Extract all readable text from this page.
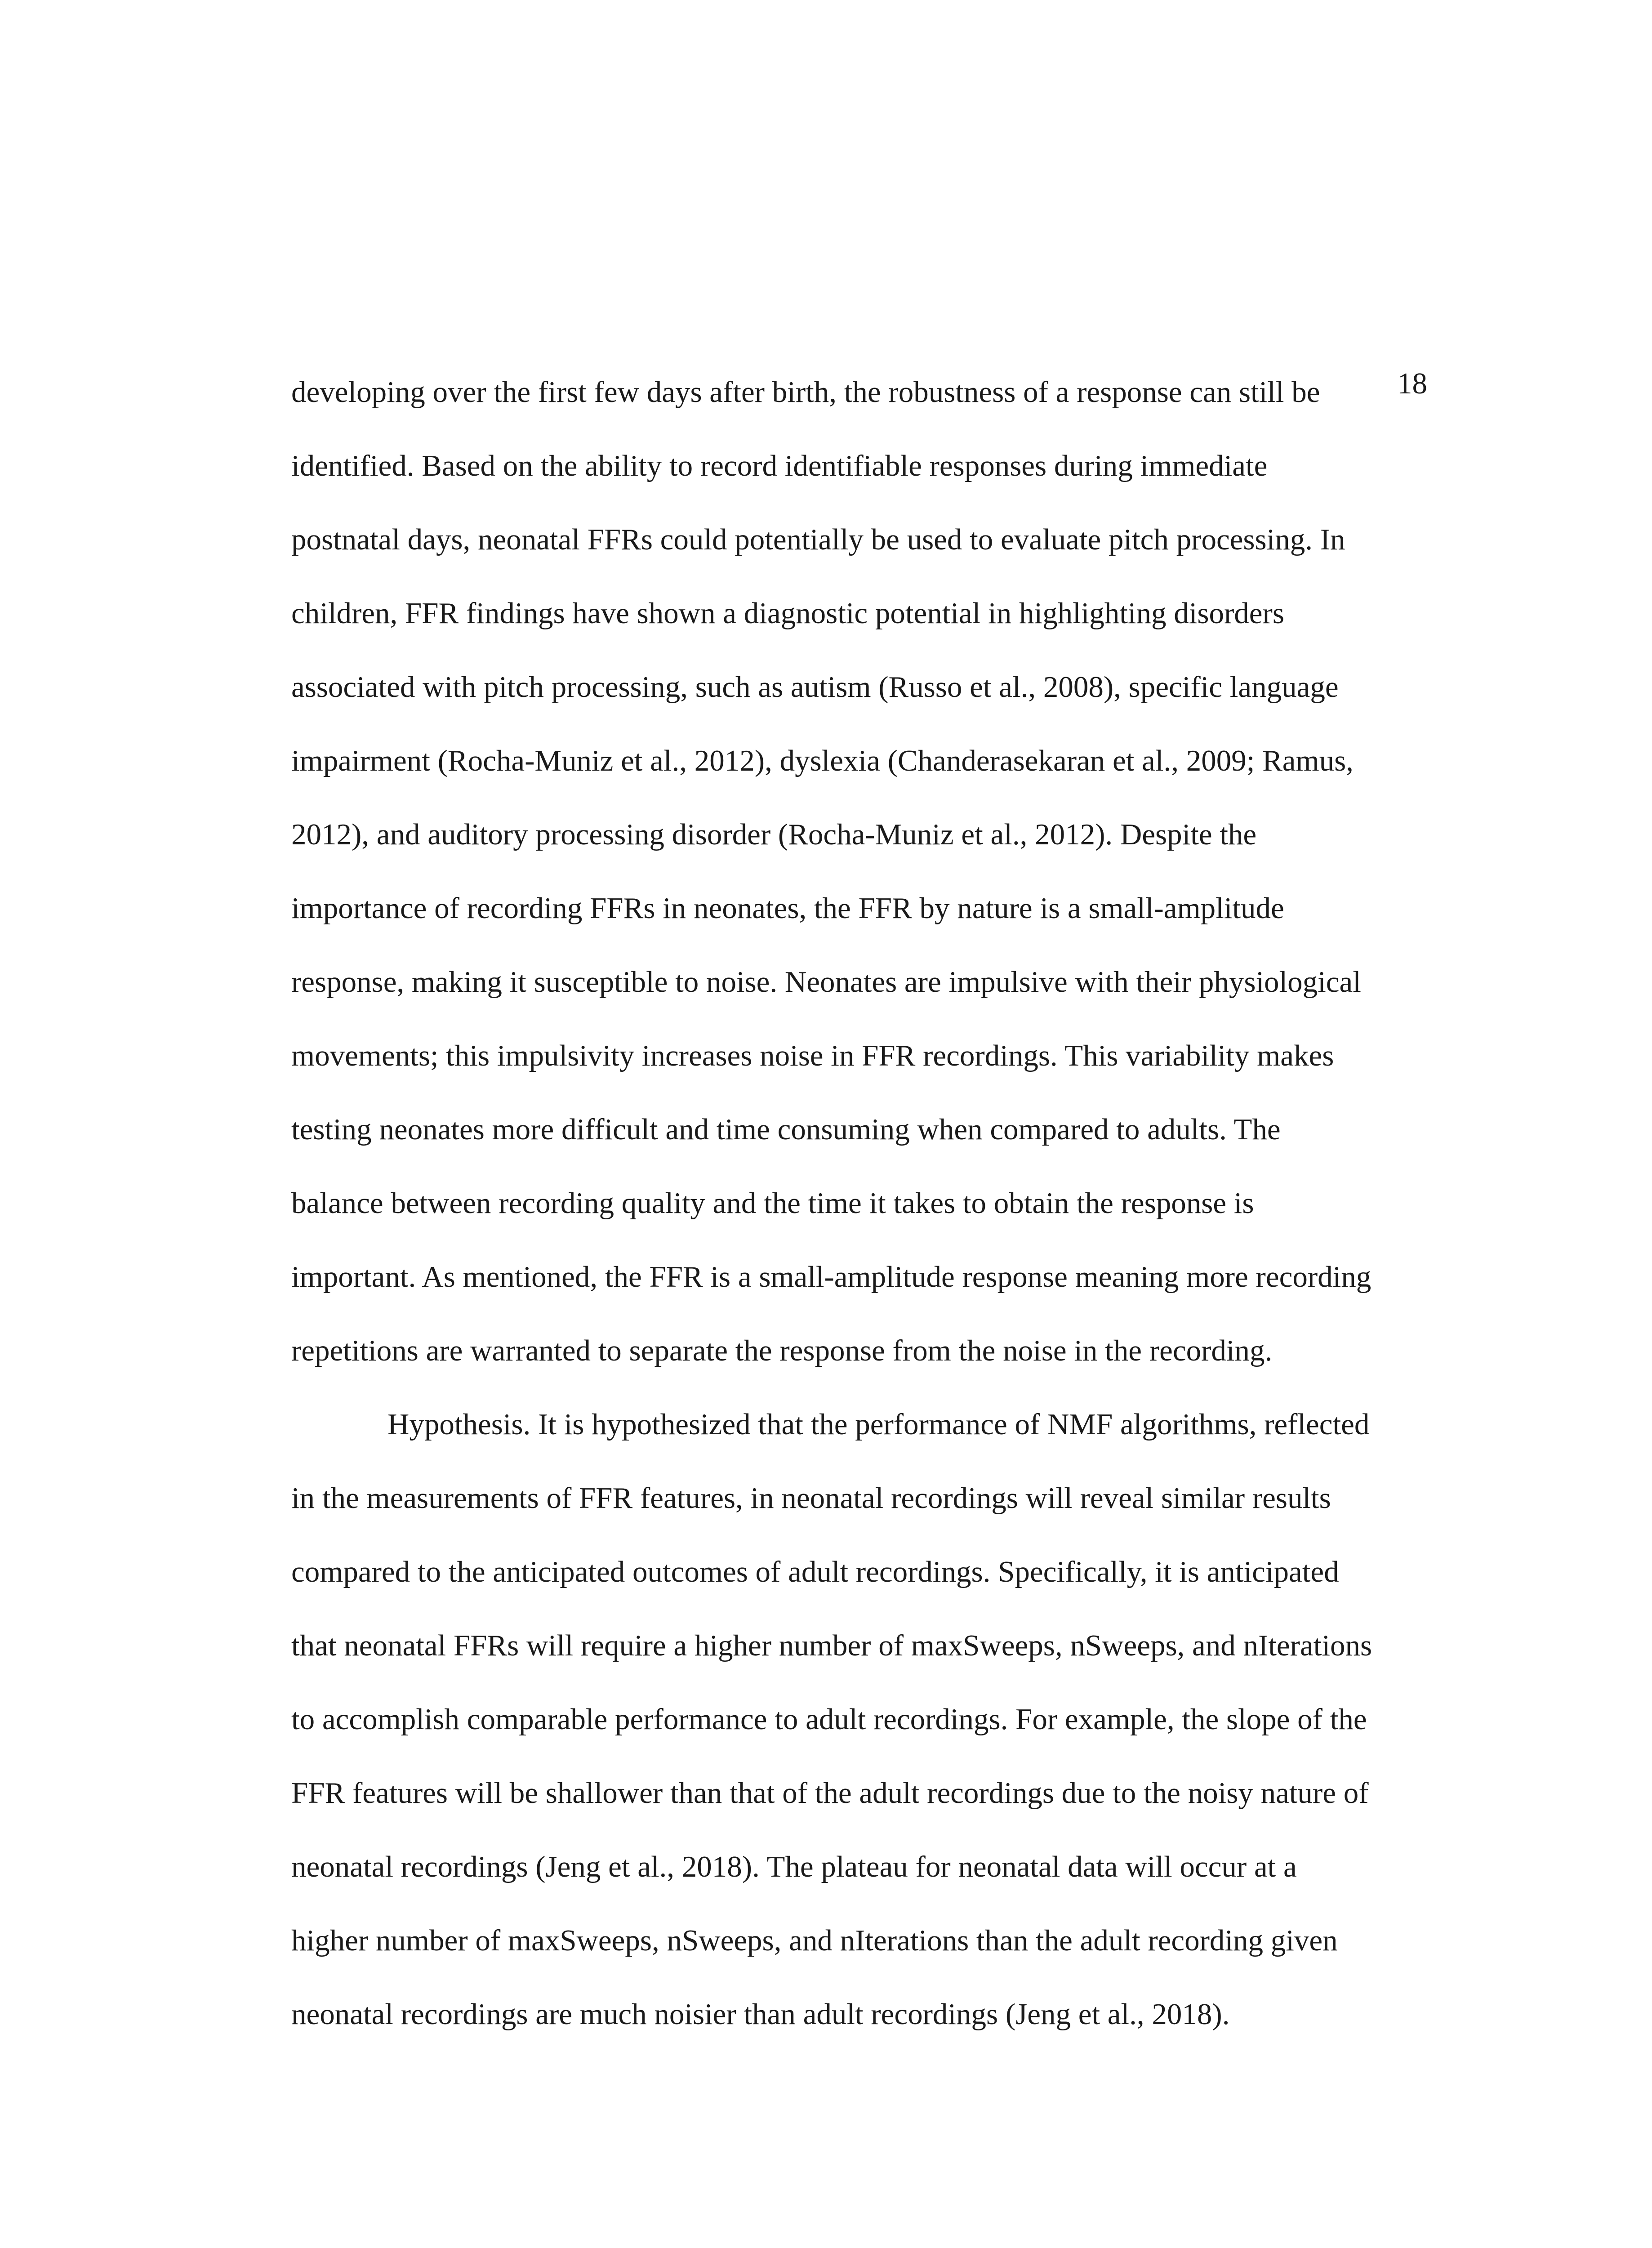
18
developing over the first few days after birth, the robustness of a response can still be
identified. Based on the ability to record identifiable responses during immediate
postnatal days, neonatal FFRs could potentially be used to evaluate pitch processing. In
children, FFR findings have shown a diagnostic potential in highlighting disorders
associated with pitch processing, such as autism (Russo et al., 2008), specific language
impairment (Rocha-Muniz et al., 2012), dyslexia (Chanderasekaran et al., 2009; Ramus,
2012), and auditory processing disorder (Rocha-Muniz et al., 2012). Despite the
importance of recording FFRs in neonates, the FFR by nature is a small-amplitude
response, making it susceptible to noise. Neonates are impulsive with their physiological
movements; this impulsivity increases noise in FFR recordings. This variability makes
testing neonates more difficult and time consuming when compared to adults. The
balance between recording quality and the time it takes to obtain the response is
important. As mentioned, the FFR is a small-amplitude response meaning more recording
repetitions are warranted to separate the response from the noise in the recording.
Hypothesis. It is hypothesized that the performance of NMF algorithms, reflected
in the measurements of FFR features, in neonatal recordings will reveal similar results
compared to the anticipated outcomes of adult recordings. Specifically, it is anticipated
that neonatal FFRs will require a higher number of maxSweeps, nSweeps, and nIterations
to accomplish comparable performance to adult recordings. For example, the slope of the
FFR features will be shallower than that of the adult recordings due to the noisy nature of
neonatal recordings (Jeng et al., 2018). The plateau for neonatal data will occur at a
higher number of maxSweeps, nSweeps, and nIterations than the adult recording given
neonatal recordings are much noisier than adult recordings (Jeng et al., 2018).
